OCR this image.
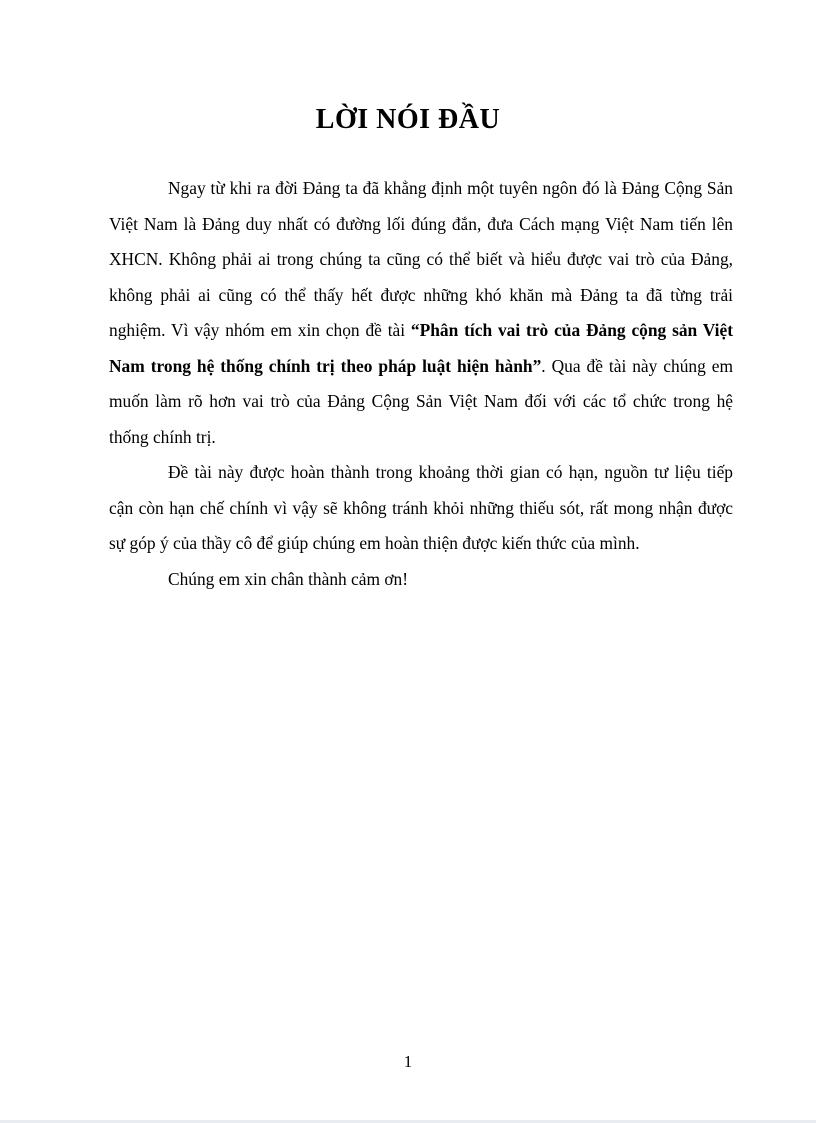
LỜI NÓI ĐẦU

Ngay từ khi ra đời Đảng ta đã khẳng định một tuyên ngôn đó là Đảng Cộng Sản Việt Nam là Đảng duy nhất có đường lối đúng đắn, đưa Cách mạng Việt Nam tiến lên XHCN. Không phải ai trong chúng ta cũng có thể biết và hiểu được vai trò của Đảng, không phải ai cũng có thể thấy hết được những khó khăn mà Đảng ta đã từng trải nghiệm. Vì vậy nhóm em xin chọn đề tài “Phân tích vai trò của Đảng cộng sản Việt Nam trong hệ thống chính trị theo pháp luật hiện hành”. Qua đề tài này chúng em muốn làm rõ hơn vai trò của Đảng Cộng Sản Việt Nam đối với các tổ chức trong hệ thống chính trị.

Đề tài này được hoàn thành trong khoảng thời gian có hạn, nguồn tư liệu tiếp cận còn hạn chế chính vì vậy sẽ không tránh khỏi những thiếu sót, rất mong nhận được sự góp ý của thầy cô để giúp chúng em hoàn thiện được kiến thức của mình.

Chúng em xin chân thành cảm ơn!

1
